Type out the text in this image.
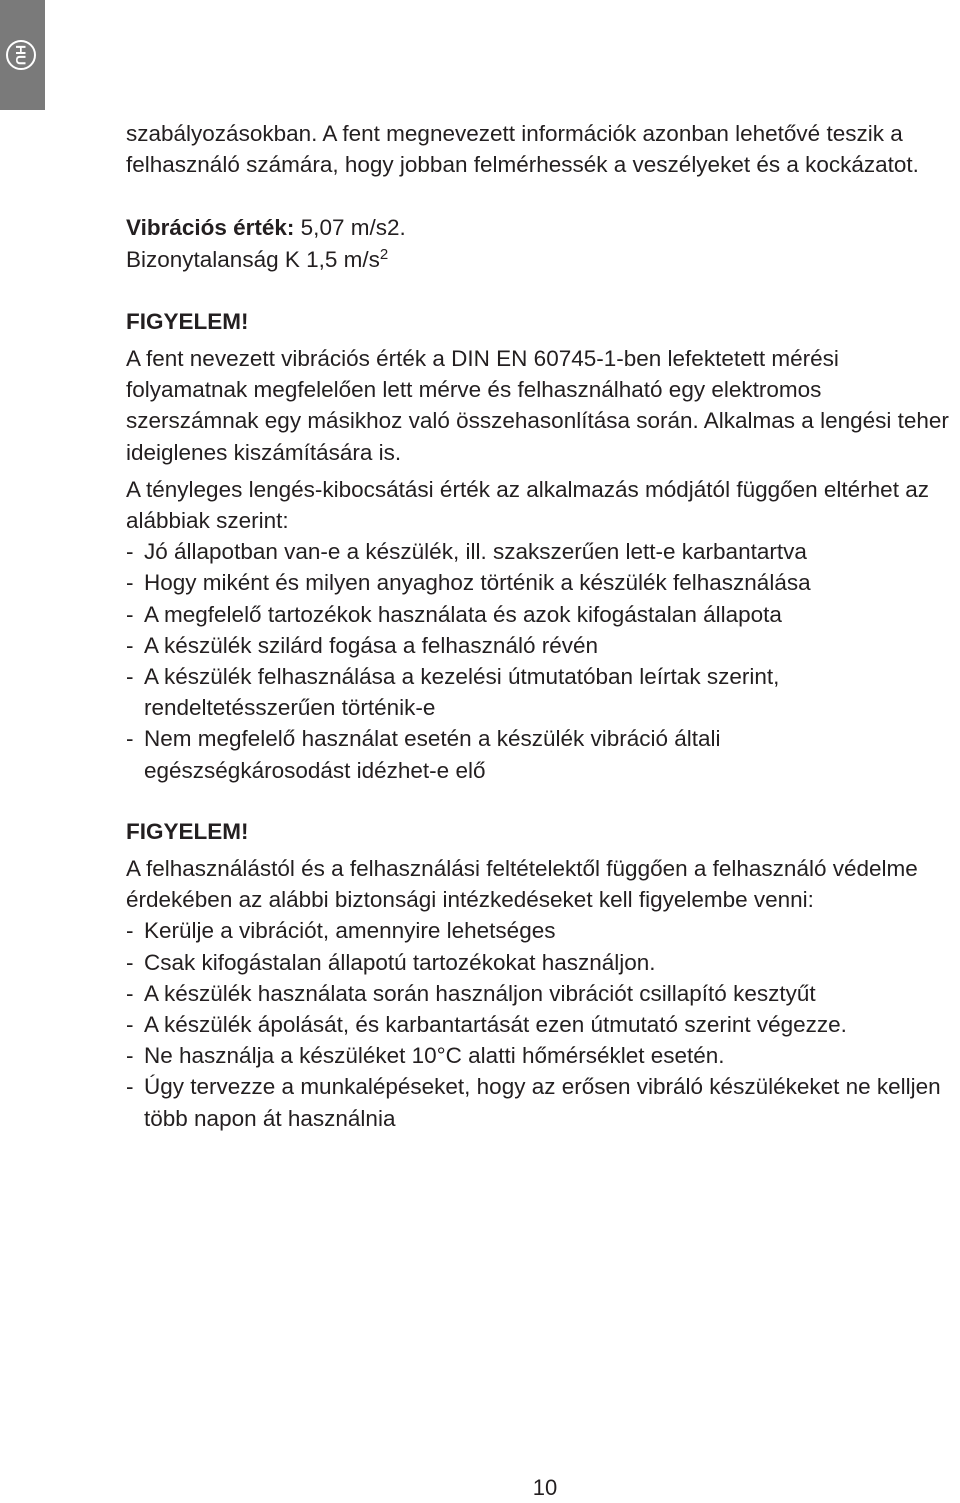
HU

szabályozásokban. A fent megnevezett információk azonban lehetővé teszik a felhasználó számára, hogy jobban felmérhessék a veszélyeket és a kockázatot.

Vibrációs érték: 5,07 m/s2.
Bizonytalanság K 1,5 $m/s^2$

FIGYELEM!

A fent nevezett vibrációs érték a DIN EN 60745-1-ben lefektetett mérési folyamatnak megfelelően lett mérve és felhasználható egy elektromos szerszámnak egy másikhoz való összehasonlítása során. Alkalmas a lengési teher ideiglenes kiszámítására is.

A tényleges lengés-kibocsátási érték az alkalmazás módjától függően eltérhet az alábbiak szerint:

- Jó állapotban van-e a készülék, ill. szakszerűen lett-e karbantartva
- Hogy miként és milyen anyaghoz történik a készülék felhasználása
- A megfelelő tartozékok használata és azok kifogástalan állapota
- A készülék szilárd fogása a felhasználó révén
- A készülék felhasználása a kezelési útmutatóban leírtak szerint, rendeltetésszerűen történik-e
- Nem megfelelő használat esetén a készülék vibráció általi egészségkárosodást idézhet-e elő

FIGYELEM!

A felhasználástól és a felhasználási feltételektől függően a felhasználó védelme érdekében az alábbi biztonsági intézkedéseket kell figyelembe venni:

- Kerülje a vibrációt, amennyire lehetséges
- Csak kifogástalan állapotú tartozékokat használjon.
- A készülék használata során használjon vibrációt csillapító kesztyűt
- A készülék ápolását, és karbantartását ezen útmutató szerint végezze.
- Ne használja a készüléket 10°C alatti hőmérséklet esetén.
- Úgy tervezze a munkalépéseket, hogy az erősen vibráló készülékeket ne kelljen több napon át használnia
10
